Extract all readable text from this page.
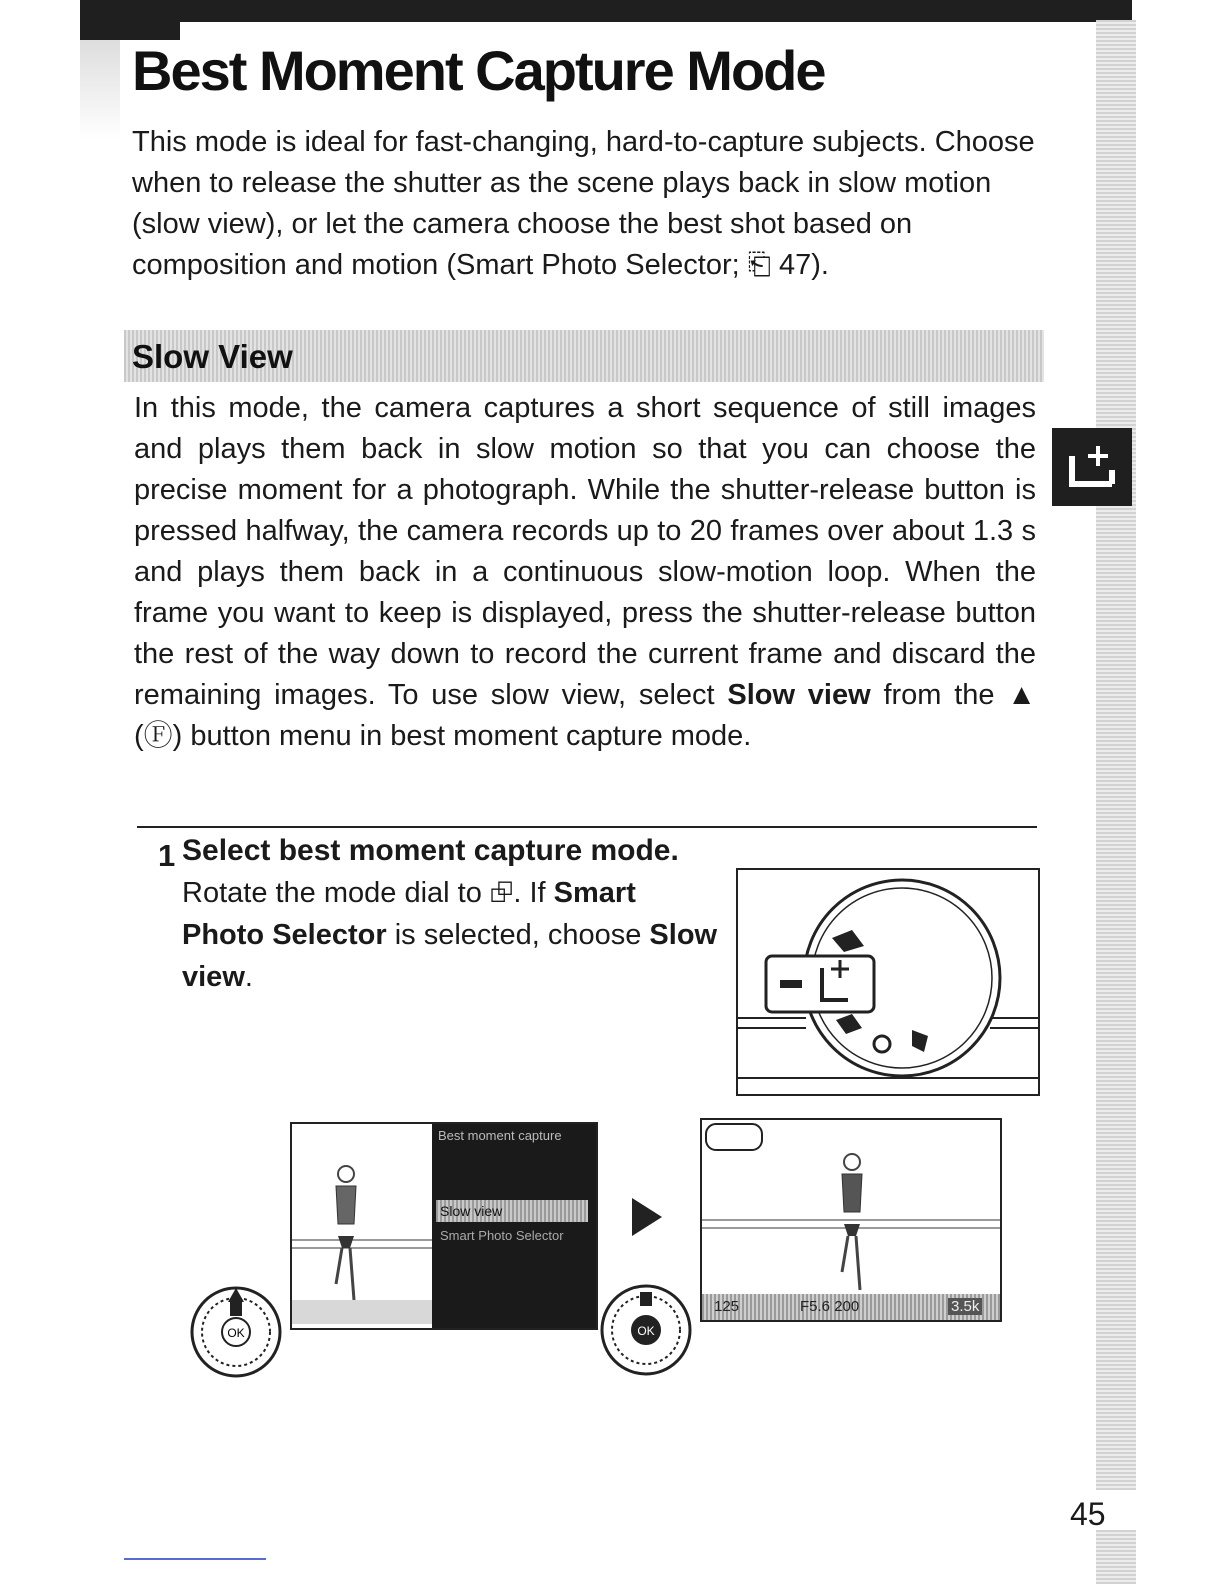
Best Moment Capture Mode

This mode is ideal for fast-changing, hard-to-capture subjects. Choose when to release the shutter as the scene plays back in slow motion (slow view), or let the camera choose the best shot based on composition and motion (Smart Photo Selector; ⎗ 47).

Slow View

In this mode, the camera captures a short sequence of still images and plays them back in slow motion so that you can choose the precise moment for a photograph. While the shutter-release button is pressed halfway, the camera records up to 20 frames over about 1.3 s and plays them back in a continuous slow-motion loop. When the frame you want to keep is displayed, press the shutter-release button the rest of the way down to record the current frame and discard the remaining images. To use slow view, select Slow view from the ▲ (Ⓕ) button menu in best moment capture mode.

1 Select best moment capture mode.

Rotate the mode dial to ⮺. If Smart Photo Selector is selected, choose Slow view.

Best moment capture
Slow view
Smart Photo Selector
OK	OK
125	F5.6 200	3.5k
45
